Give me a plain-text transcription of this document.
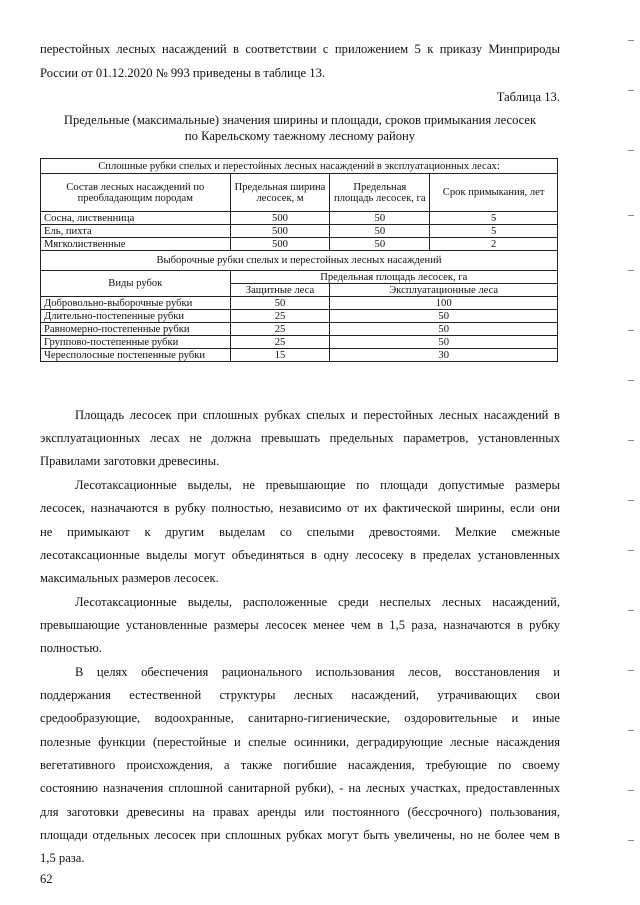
перестойных лесных насаждений в соответствии с приложением 5 к приказу Минприроды
России от 01.12.2020 № 993 приведены в таблице 13.
Таблица 13.
Предельные (максимальные) значения ширины и площади, сроков примыкания лесосек
по Карельскому таежному лесному району
Сплошные рубки спелых и перестойных лесных насаждений в эксплуатационных лесах:			
Состав лесных насаждений по преобладающим породам	Предельная ширина лесосек, м	Предельная площадь лесосек, га	Срок примыкания, лет
Сосна, лиственница	500	50	5
Ель, пихта	500	50	5
Мягколиственные	500	50	2
Выборочные рубки спелых и перестойных лесных насаждений			
Виды рубок	Предельная площадь лесосек, га		
	Защитные леса	Эксплуатационные леса	
Добровольно-выборочные рубки	50	100	
Длительно-постепенные рубки	25	50	
Равномерно-постепенные рубки	25	50	
Группово-постепенные рубки	25	50	
Чересполосные постепенные рубки	15	30	
Площадь лесосек при сплошных рубках спелых и перестойных лесных насаждений в
эксплуатационных лесах не должна превышать предельных параметров, установленных
Правилами заготовки древесины.
Лесотаксационные выделы, не превышающие по площади допустимые размеры
лесосек, назначаются в рубку полностью, независимо от их фактической ширины, если они
не примыкают к другим выделам со спелыми древостоями. Мелкие смежные
лесотаксационные выделы могут объединяться в одну лесосеку в пределах установленных
максимальных размеров лесосек.
Лесотаксационные выделы, расположенные среди неспелых лесных насаждений,
превышающие установленные размеры лесосек менее чем в 1,5 раза, назначаются в рубку
полностью.
В целях обеспечения рационального использования лесов, восстановления и
поддержания естественной структуры лесных насаждений, утрачивающих свои
средообразующие, водоохранные, санитарно-гигиенические, оздоровительные и иные
полезные функции (перестойные и спелые осинники, деградирующие лесные насаждения
вегетативного происхождения, а также погибшие насаждения, требующие по своему
состоянию назначения сплошной санитарной рубки), - на лесных участках, предоставленных
для заготовки древесины на правах аренды или постоянного (бессрочного) пользования,
площади отдельных лесосек при сплошных рубках могут быть увеличены, но не более чем в
1,5 раза.
62
